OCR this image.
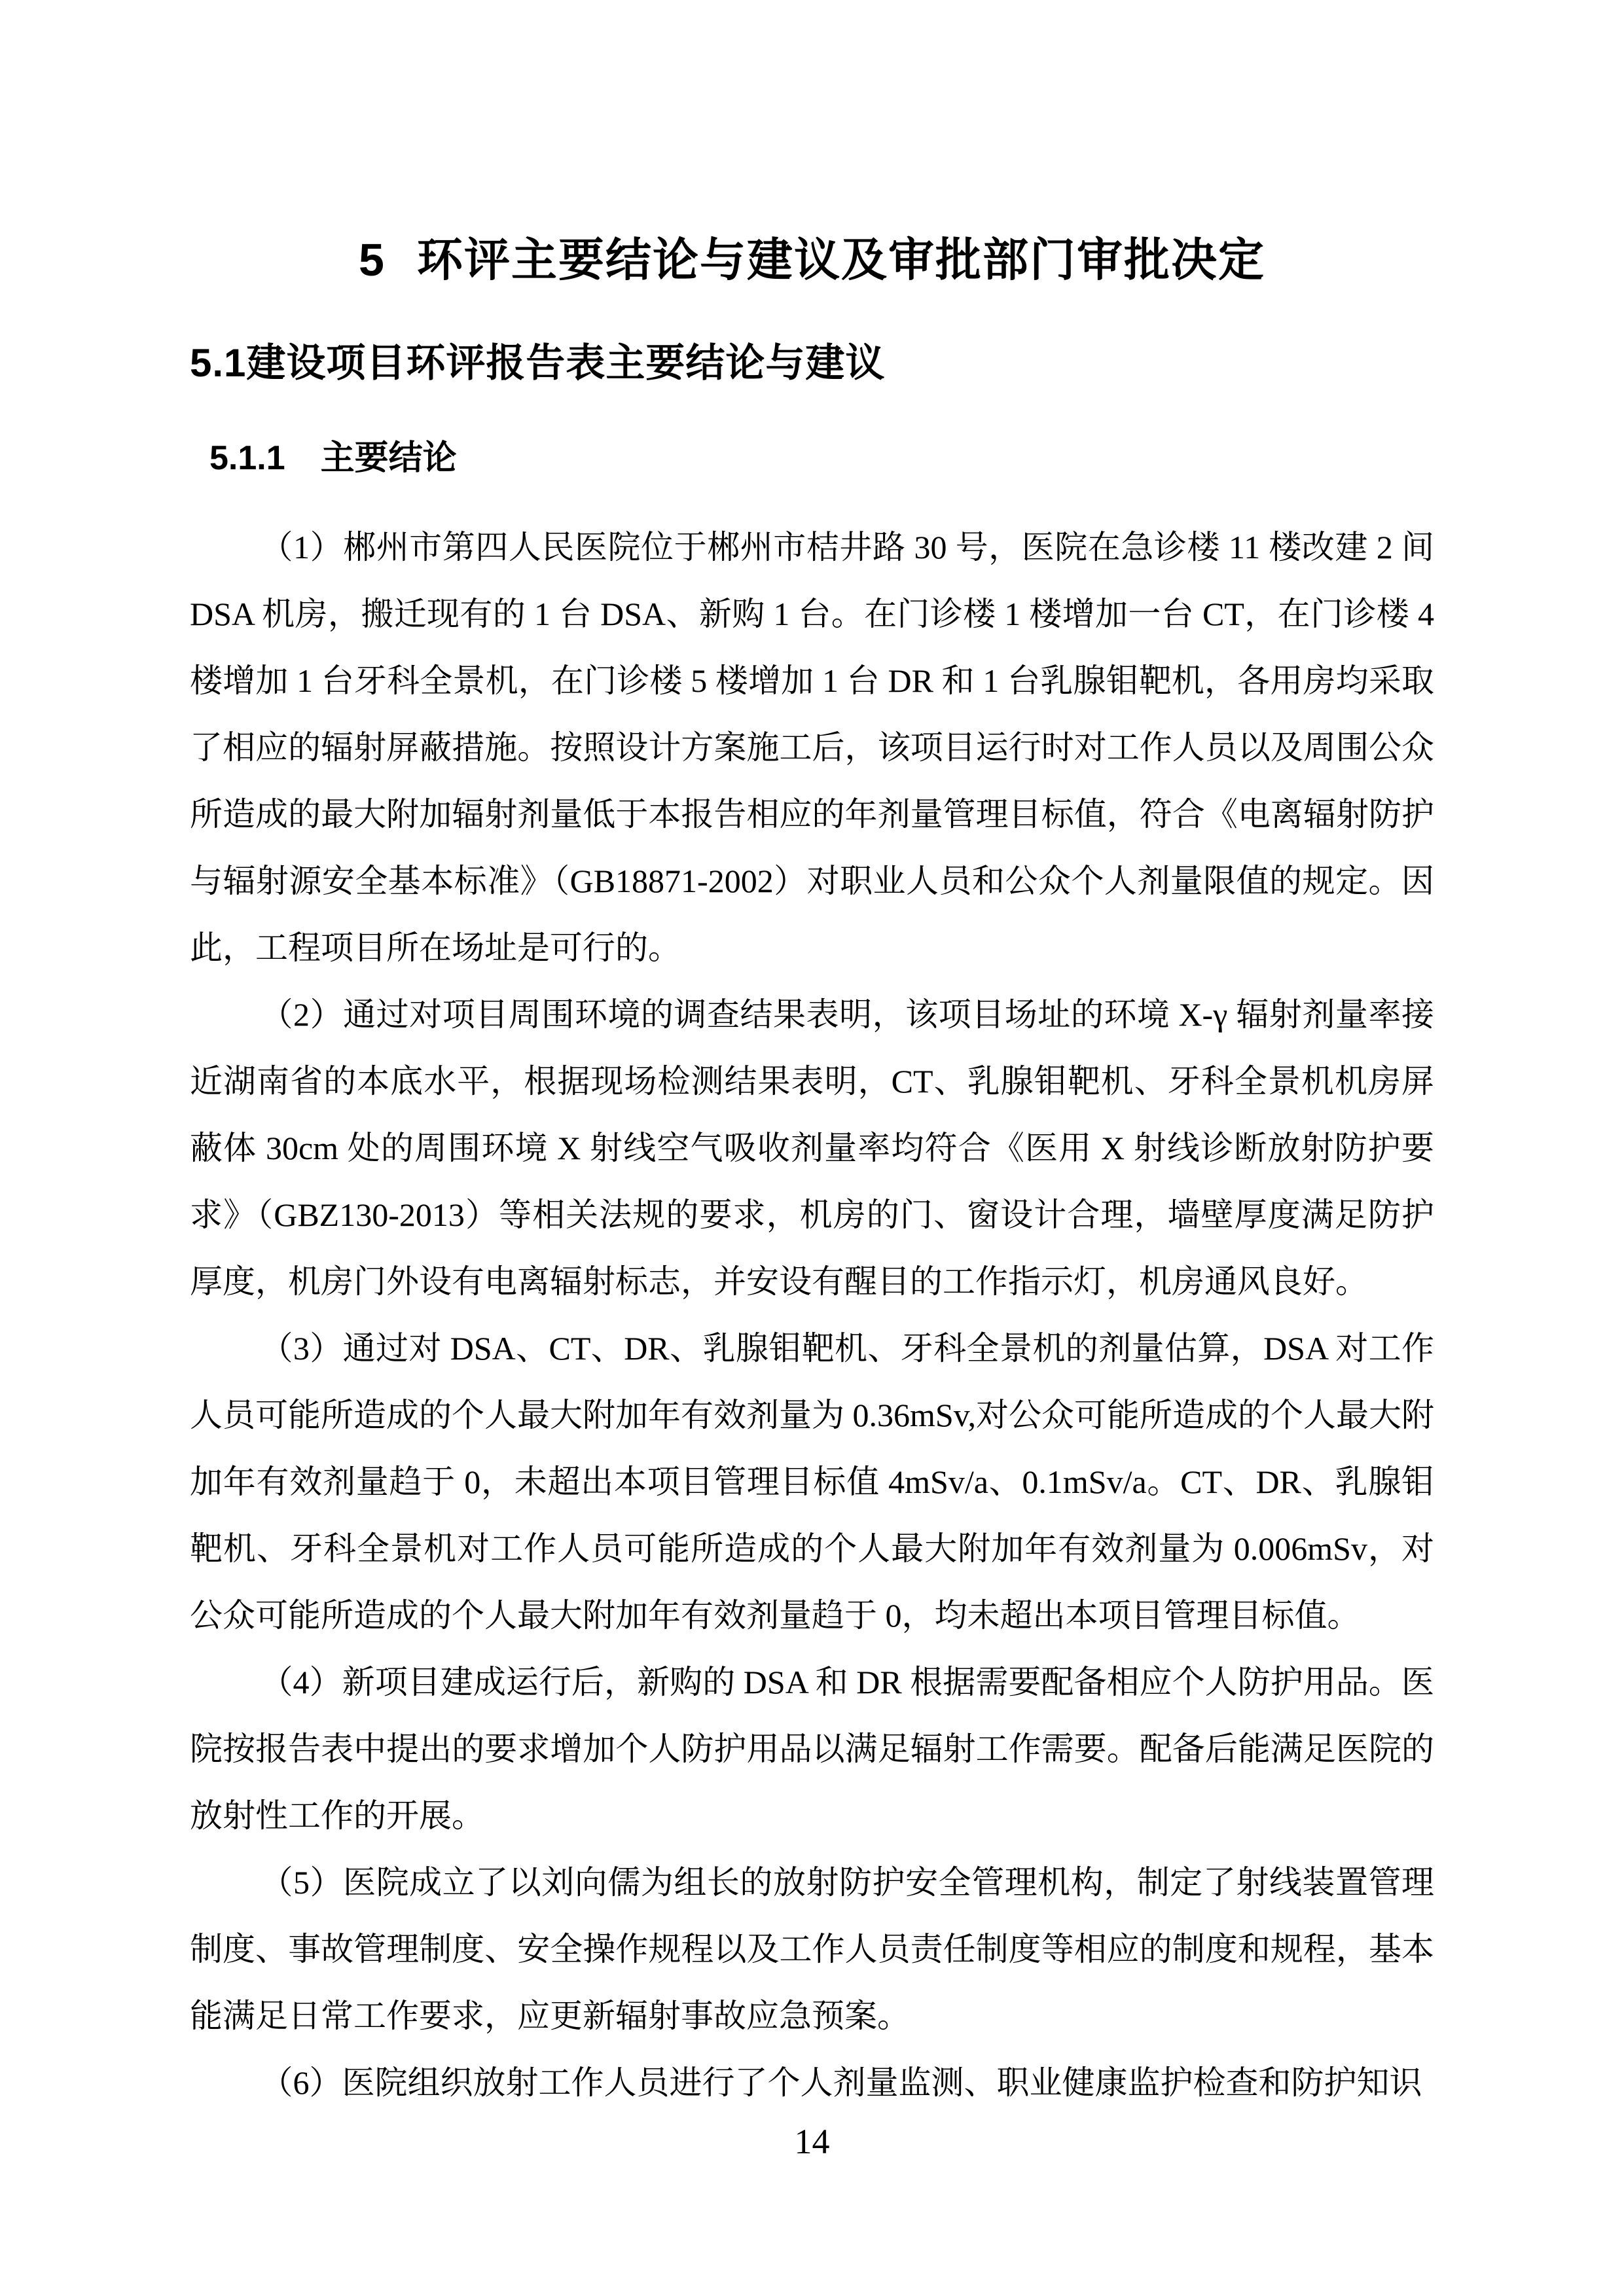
5 环评主要结论与建议及审批部门审批决定
5.1建设项目环评报告表主要结论与建议
5.1.1 主要结论

（1）郴州市第四人民医院位于郴州市桔井路 30 号，医院在急诊楼 11 楼改建 2 间 DSA 机房，搬迁现有的 1 台 DSA、新购 1 台。在门诊楼 1 楼增加一台 CT，在门诊楼 4 楼增加 1 台牙科全景机，在门诊楼 5 楼增加 1 台 DR 和 1 台乳腺钼靶机，各用房均采取了相应的辐射屏蔽措施。按照设计方案施工后，该项目运行时对工作人员以及周围公众所造成的最大附加辐射剂量低于本报告相应的年剂量管理目标值，符合《电离辐射防护与辐射源安全基本标准》（GB18871-2002）对职业人员和公众个人剂量限值的规定。因此，工程项目所在场址是可行的。

（2）通过对项目周围环境的调查结果表明，该项目场址的环境 X-γ 辐射剂量率接近湖南省的本底水平，根据现场检测结果表明，CT、乳腺钼靶机、牙科全景机机房屏蔽体 30cm 处的周围环境 X 射线空气吸收剂量率均符合《医用 X 射线诊断放射防护要求》（GBZ130-2013）等相关法规的要求，机房的门、窗设计合理，墙壁厚度满足防护厚度，机房门外设有电离辐射标志，并安设有醒目的工作指示灯，机房通风良好。

（3）通过对 DSA、CT、DR、乳腺钼靶机、牙科全景机的剂量估算，DSA 对工作人员可能所造成的个人最大附加年有效剂量为 0.36mSv,对公众可能所造成的个人最大附加年有效剂量趋于 0，未超出本项目管理目标值 4mSv/a、0.1mSv/a。CT、DR、乳腺钼靶机、牙科全景机对工作人员可能所造成的个人最大附加年有效剂量为 0.006mSv，对公众可能所造成的个人最大附加年有效剂量趋于 0，均未超出本项目管理目标值。

（4）新项目建成运行后，新购的 DSA 和 DR 根据需要配备相应个人防护用品。医院按报告表中提出的要求增加个人防护用品以满足辐射工作需要。配备后能满足医院的放射性工作的开展。

（5）医院成立了以刘向儒为组长的放射防护安全管理机构，制定了射线装置管理制度、事故管理制度、安全操作规程以及工作人员责任制度等相应的制度和规程，基本能满足日常工作要求，应更新辐射事故应急预案。

（6）医院组织放射工作人员进行了个人剂量监测、职业健康监护检查和防护知识

14
